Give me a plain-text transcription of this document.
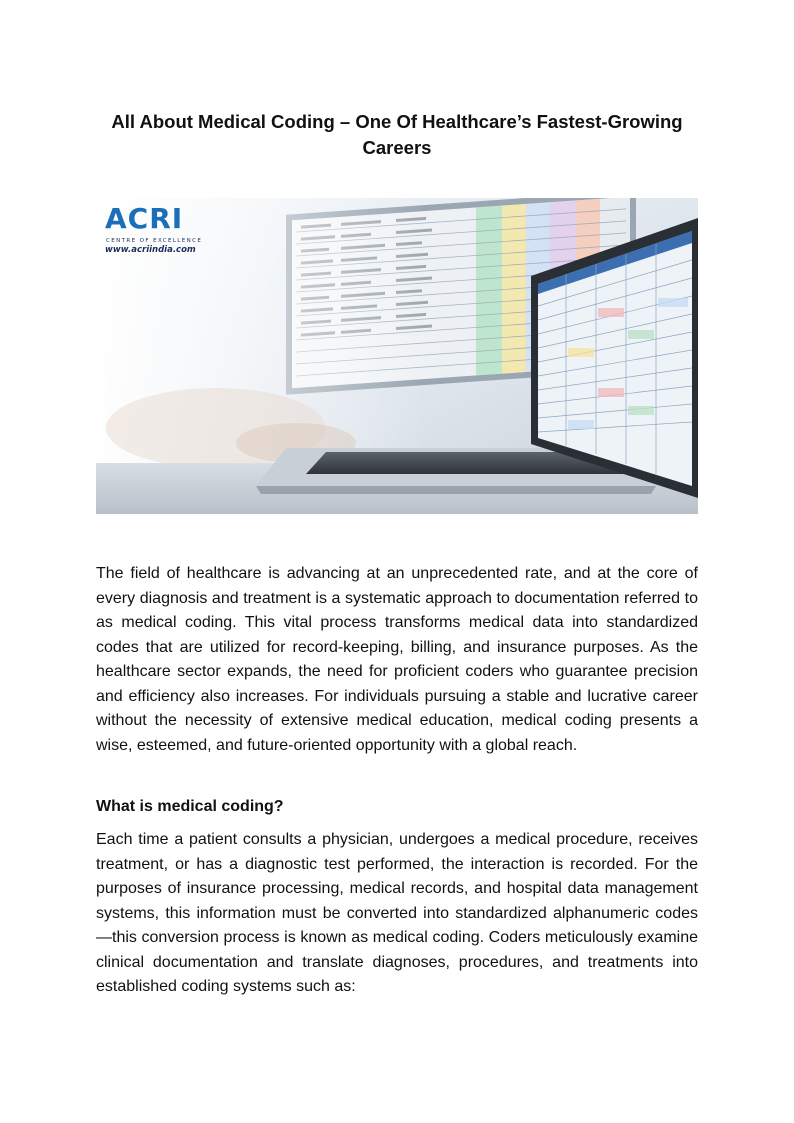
All About Medical Coding – One Of Healthcare’s Fastest-Growing Careers
ACRI
CENTRE OF EXCELLENCE
www.acriindia.com

The field of healthcare is advancing at an unprecedented rate, and at the core of every diagnosis and treatment is a systematic approach to documentation referred to as medical coding. This vital process transforms medical data into standardized codes that are utilized for record-keeping, billing, and insurance purposes. As the healthcare sector expands, the need for proficient coders who guarantee precision and efficiency also increases. For individuals pursuing a stable and lucrative career without the necessity of extensive medical education, medical coding presents a wise, esteemed, and future-oriented opportunity with a global reach.

What is medical coding?

Each time a patient consults a physician, undergoes a medical procedure, receives treatment, or has a diagnostic test performed, the interaction is recorded. For the purposes of insurance processing, medical records, and hospital data management systems, this information must be converted into standardized alphanumeric codes—this conversion process is known as medical coding. Coders meticulously examine clinical documentation and translate diagnoses, procedures, and treatments into established coding systems such as:
